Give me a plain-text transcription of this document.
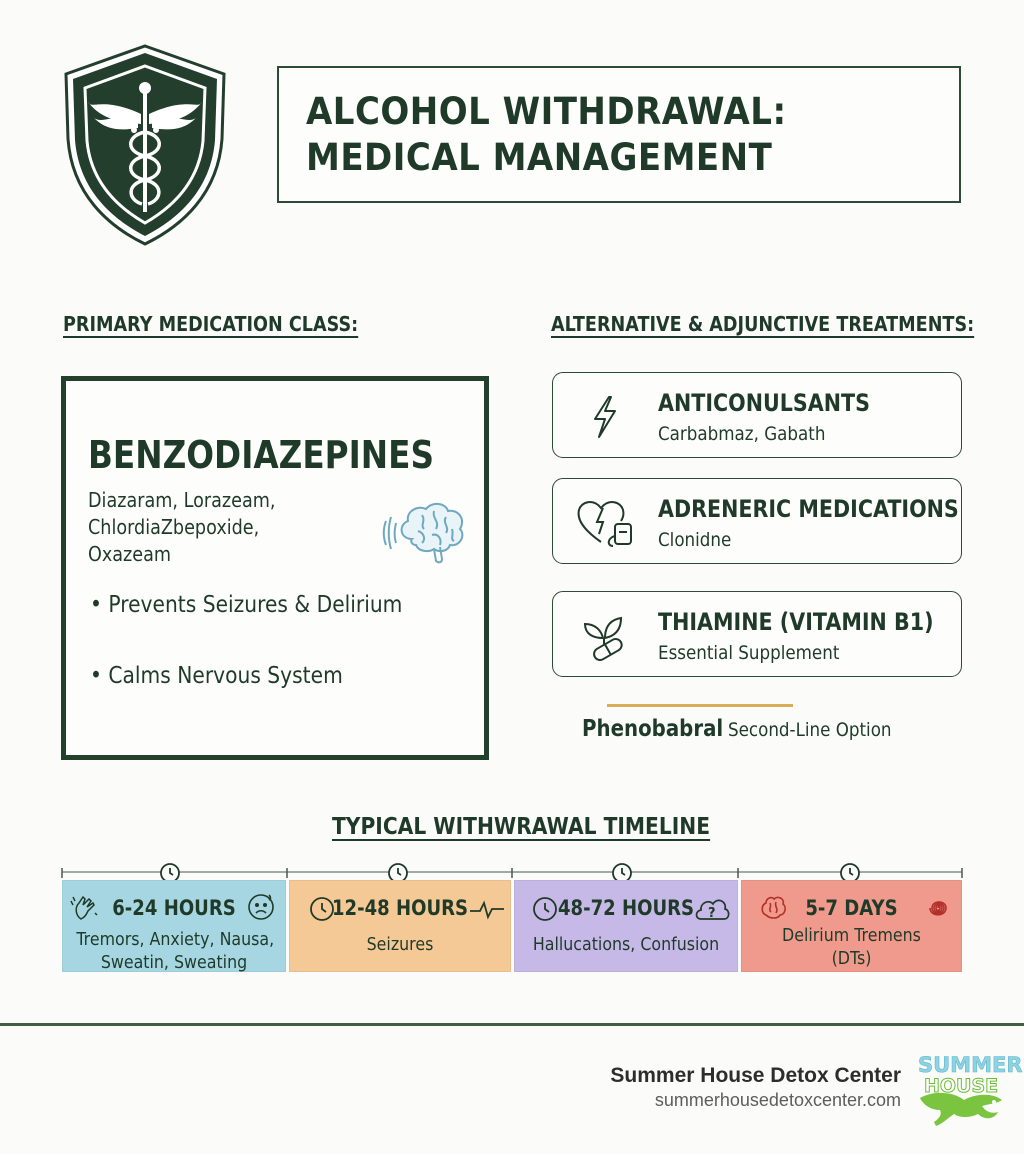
ALCOHOL WITHDRAWAL:
MEDICAL MANAGEMENT
PRIMARY MEDICATION CLASS:	ALTERNATIVE & ADJUNCTIVE TREATMENTS:
BENZODIAZEPINES
Diazaram, Lorazeam,
ChlordiaZbepoxide,
Oxazeam
• Prevents Seizures & Delirium
• Calms Nervous System
ANTICONULSANTS
Carbabmaz, Gabath
ADRENERIC MEDICATIONS
Clonidne
THIAMINE (VITAMIN B1)
Essential Supplement
Phenobabral Second-Line Option
TYPICAL WITHWRAWAL TIMELINE
6-24 HOURS
Tremors, Anxiety, Nausa,
Sweatin, Sweating
12-48 HOURS
Seizures
?
48-72 HOURS
Hallucations, Confusion
5-7 DAYS
Delirium Tremens
(DTs)
Summer House Detox Center
summerhousedetoxcenter.com
SUMMER
HOUSE
